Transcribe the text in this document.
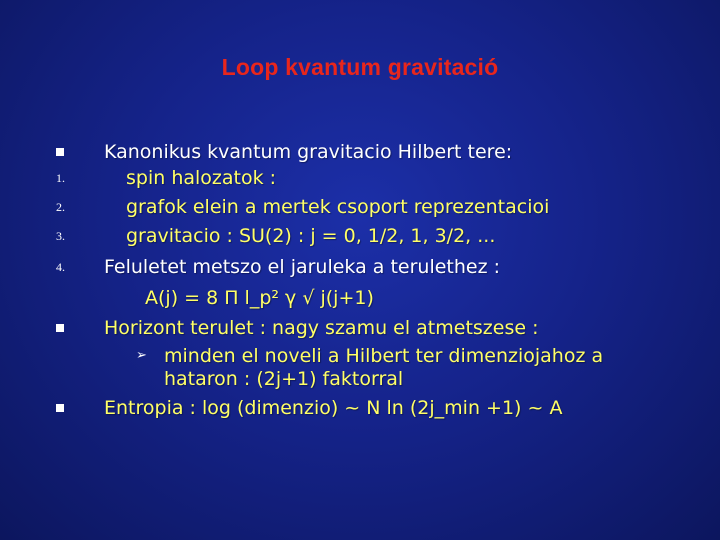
Loop kvantum gravitació
Kanonikus kvantum gravitacio Hilbert tere:
1.	spin halozatok :
2.	grafok elein a mertek csoport reprezentacioi
3.	gravitacio : SU(2) : j = 0, 1/2, 1, 3/2, ...
4. Feluletet metszo el jaruleka a terulethez :
A(j) = 8 Π l_p² γ √ j(j+1)
Horizont terulet : nagy szamu el atmetszese :
➢ minden el noveli a Hilbert ter dimenziojahoz a
hataron : (2j+1) faktorral
Entropia : log (dimenzio) ~ N ln (2j_min +1) ~ A
